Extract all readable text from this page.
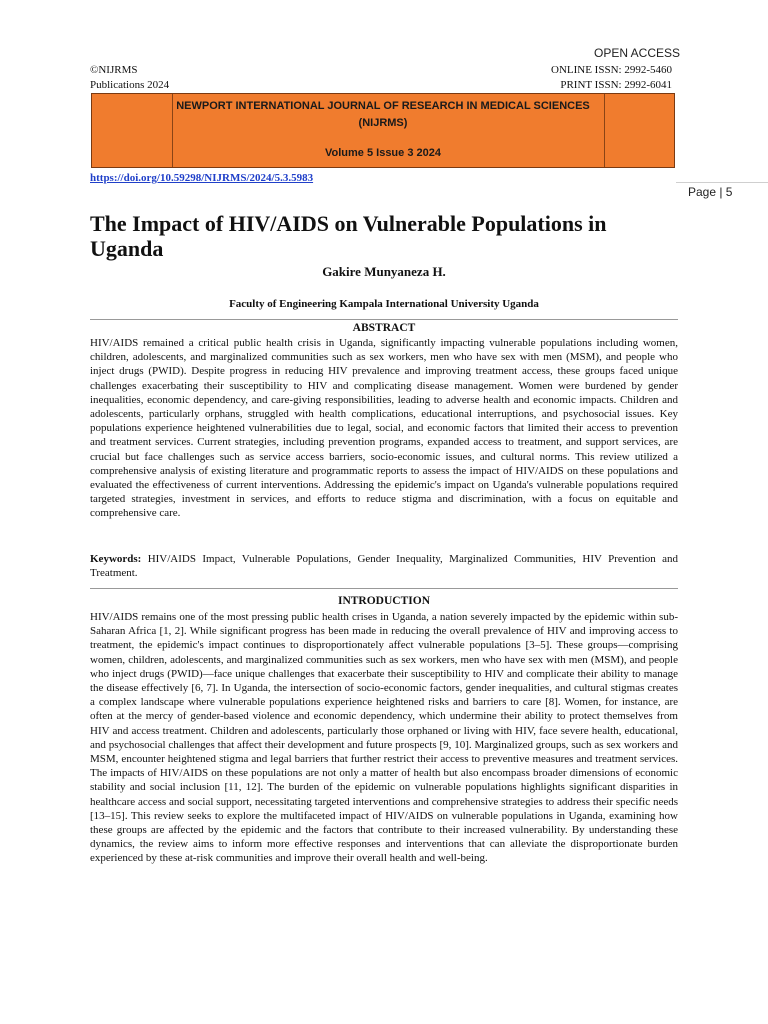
OPEN ACCESS
©NIJRMS
Publications 2024
ONLINE ISSN: 2992-5460
PRINT ISSN: 2992-6041
NEWPORT INTERNATIONAL JOURNAL OF RESEARCH IN MEDICAL SCIENCES
(NIJRMS)
Volume 5 Issue 3 2024
https://doi.org/10.59298/NIJRMS/2024/5.3.5983
Page | 5
The Impact of HIV/AIDS on Vulnerable Populations in Uganda
Gakire Munyaneza H.
Faculty of Engineering Kampala International University Uganda
ABSTRACT

HIV/AIDS remained a critical public health crisis in Uganda, significantly impacting vulnerable populations including women, children, adolescents, and marginalized communities such as sex workers, men who have sex with men (MSM), and people who inject drugs (PWID). Despite progress in reducing HIV prevalence and improving treatment access, these groups faced unique challenges exacerbating their susceptibility to HIV and complicating disease management. Women were burdened by gender inequalities, economic dependency, and care-giving responsibilities, leading to adverse health and economic impacts. Children and adolescents, particularly orphans, struggled with health complications, educational interruptions, and psychosocial issues. Key populations experience heightened vulnerabilities due to legal, social, and economic factors that limited their access to prevention and treatment services. Current strategies, including prevention programs, expanded access to treatment, and support services, are crucial but face challenges such as service access barriers, socio-economic issues, and cultural norms. This review utilized a comprehensive analysis of existing literature and programmatic reports to assess the impact of HIV/AIDS on these populations and evaluated the effectiveness of current interventions. Addressing the epidemic's impact on Uganda's vulnerable populations required targeted strategies, investment in services, and efforts to reduce stigma and discrimination, with a focus on equitable and comprehensive care.

Keywords: HIV/AIDS Impact, Vulnerable Populations, Gender Inequality, Marginalized Communities, HIV Prevention and Treatment.

INTRODUCTION

HIV/AIDS remains one of the most pressing public health crises in Uganda, a nation severely impacted by the epidemic within sub-Saharan Africa [1, 2]. While significant progress has been made in reducing the overall prevalence of HIV and improving access to treatment, the epidemic's impact continues to disproportionately affect vulnerable populations [3–5]. These groups—comprising women, children, adolescents, and marginalized communities such as sex workers, men who have sex with men (MSM), and people who inject drugs (PWID)—face unique challenges that exacerbate their susceptibility to HIV and complicate their ability to manage the disease effectively [6, 7]. In Uganda, the intersection of socio-economic factors, gender inequalities, and cultural stigmas creates a complex landscape where vulnerable populations experience heightened risks and barriers to care [8]. Women, for instance, are often at the mercy of gender-based violence and economic dependency, which undermine their ability to protect themselves from HIV and access treatment. Children and adolescents, particularly those orphaned or living with HIV, face severe health, educational, and psychosocial challenges that affect their development and future prospects [9, 10]. Marginalized groups, such as sex workers and MSM, encounter heightened stigma and legal barriers that further restrict their access to preventive measures and treatment services. The impacts of HIV/AIDS on these populations are not only a matter of health but also encompass broader dimensions of economic stability and social inclusion [11, 12]. The burden of the epidemic on vulnerable populations highlights significant disparities in healthcare access and social support, necessitating targeted interventions and comprehensive strategies to address their specific needs [13–15]. This review seeks to explore the multifaceted impact of HIV/AIDS on vulnerable populations in Uganda, examining how these groups are affected by the epidemic and the factors that contribute to their increased vulnerability. By understanding these dynamics, the review aims to inform more effective responses and interventions that can alleviate the disproportionate burden experienced by these at-risk communities and improve their overall health and well-being.
